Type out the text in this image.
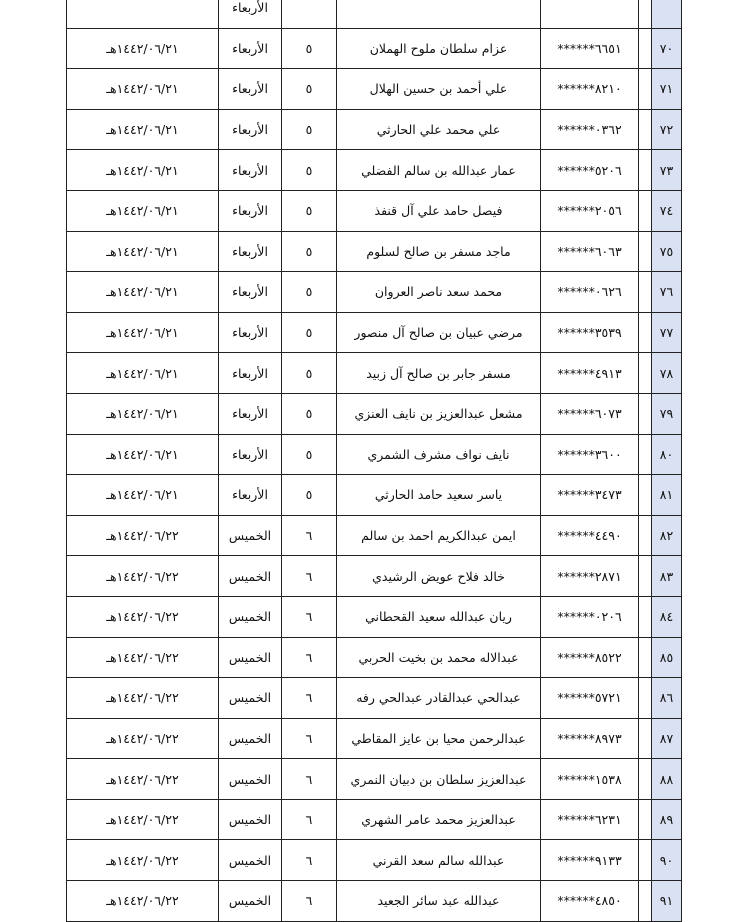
					الأربعاء	
٧٠		٦٦٥١******	عزام سلطان ملوح الهملان	٥	الأربعاء	١٤٤٢/٠٦/٢١هـ
٧١		٨٢١٠******	علي أحمد بن حسين الهلال	٥	الأربعاء	١٤٤٢/٠٦/٢١هـ
٧٢		٠٣٦٢******	علي محمد علي الحارثي	٥	الأربعاء	١٤٤٢/٠٦/٢١هـ
٧٣		٥٢٠٦******	عمار عبدالله بن سالم الفضلي	٥	الأربعاء	١٤٤٢/٠٦/٢١هـ
٧٤		٢٠٥٦******	فيصل حامد علي آل قنفذ	٥	الأربعاء	١٤٤٢/٠٦/٢١هـ
٧٥		٦٠٦٣******	ماجد مسفر بن صالح لسلوم	٥	الأربعاء	١٤٤٢/٠٦/٢١هـ
٧٦		٠٦٢٦******	محمد سعد ناصر العروان	٥	الأربعاء	١٤٤٢/٠٦/٢١هـ
٧٧		٣٥٣٩******	مرضي عبيان بن صالح آل منصور	٥	الأربعاء	١٤٤٢/٠٦/٢١هـ
٧٨		٤٩١٣******	مسفر جابر بن صالح آل زبيد	٥	الأربعاء	١٤٤٢/٠٦/٢١هـ
٧٩		٦٠٧٣******	مشعل عبدالعزيز بن نايف العنزي	٥	الأربعاء	١٤٤٢/٠٦/٢١هـ
٨٠		٣٦٠٠******	نايف نواف مشرف الشمري	٥	الأربعاء	١٤٤٢/٠٦/٢١هـ
٨١		٣٤٧٣******	ياسر سعيد حامد الحارثي	٥	الأربعاء	١٤٤٢/٠٦/٢١هـ
٨٢		٤٤٩٠******	ايمن عبدالكريم احمد بن سالم	٦	الخميس	١٤٤٢/٠٦/٢٢هـ
٨٣		٢٨٧١******	خالد فلاح عويض الرشيدي	٦	الخميس	١٤٤٢/٠٦/٢٢هـ
٨٤		٠٢٠٦******	ريان عبدالله سعيد القحطاني	٦	الخميس	١٤٤٢/٠٦/٢٢هـ
٨٥		٨٥٢٢******	عبدالاله محمد بن بخيت الحربي	٦	الخميس	١٤٤٢/٠٦/٢٢هـ
٨٦		٥٧٢١******	عبدالحي عبدالقادر عبدالحي رفه	٦	الخميس	١٤٤٢/٠٦/٢٢هـ
٨٧		٨٩٧٣******	عبدالرحمن محيا بن عايز المقاطي	٦	الخميس	١٤٤٢/٠٦/٢٢هـ
٨٨		١٥٣٨******	عبدالعزيز سلطان بن دبيان النمري	٦	الخميس	١٤٤٢/٠٦/٢٢هـ
٨٩		٦٢٣١******	عبدالعزيز محمد عامر الشهري	٦	الخميس	١٤٤٢/٠٦/٢٢هـ
٩٠		٩١٣٣******	عبدالله سالم سعد القرني	٦	الخميس	١٤٤٢/٠٦/٢٢هـ
٩١		٤٨٥٠******	عبدالله عبد سائر الجعيد	٦	الخميس	١٤٤٢/٠٦/٢٢هـ
